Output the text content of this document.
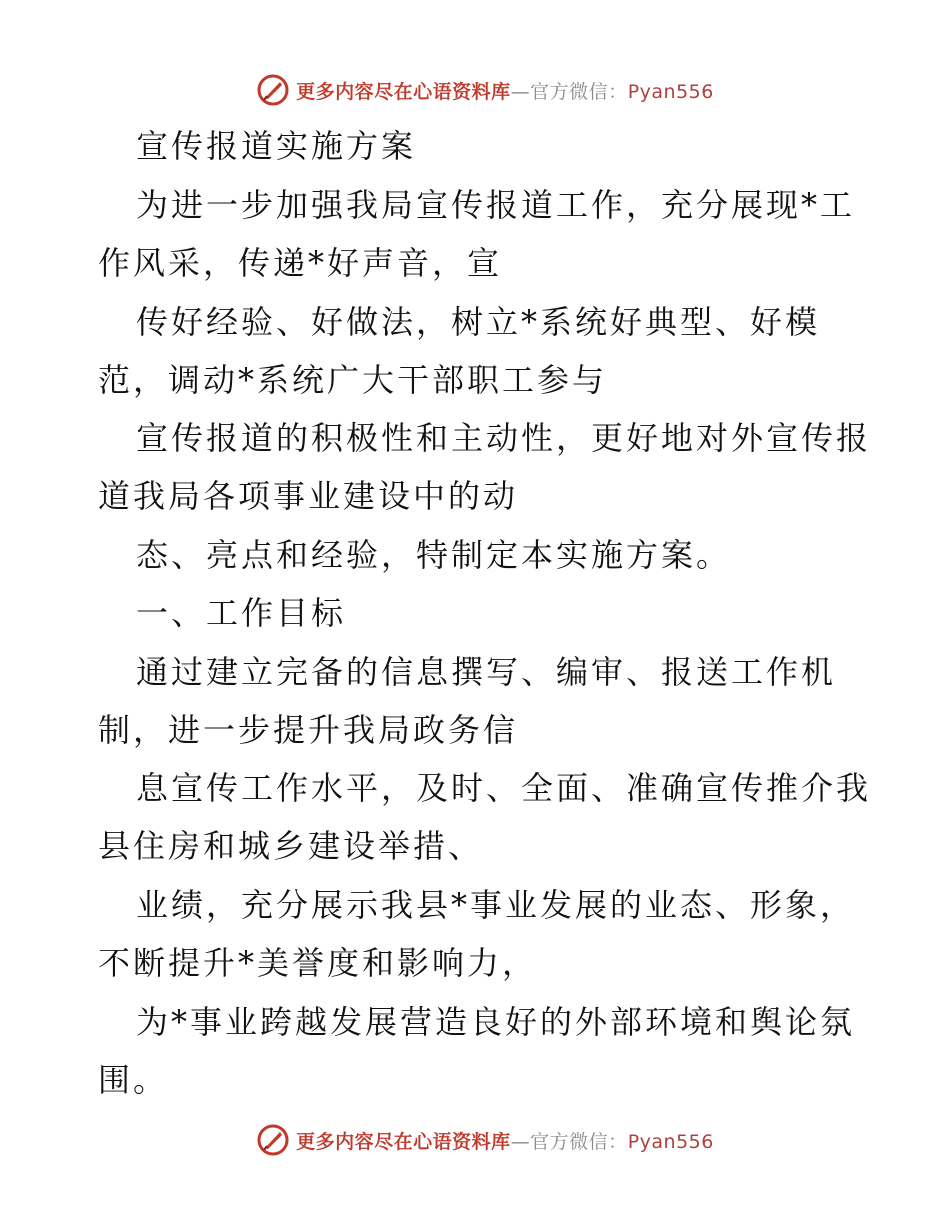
更多内容尽在心语资料库—官方微信：Pyan556
宣传报道实施方案
为进一步加强我局宣传报道工作，充分展现*工
作风采，传递*好声音，宣
传好经验、好做法，树立*系统好典型、好模
范，调动*系统广大干部职工参与
宣传报道的积极性和主动性，更好地对外宣传报
道我局各项事业建设中的动
态、亮点和经验，特制定本实施方案。
一、工作目标
通过建立完备的信息撰写、编审、报送工作机
制，进一步提升我局政务信
息宣传工作水平，及时、全面、准确宣传推介我
县住房和城乡建设举措、
业绩，充分展示我县*事业发展的业态、形象，
不断提升*美誉度和影响力，
为*事业跨越发展营造良好的外部环境和舆论氛
围。
更多内容尽在心语资料库—官方微信：Pyan556
